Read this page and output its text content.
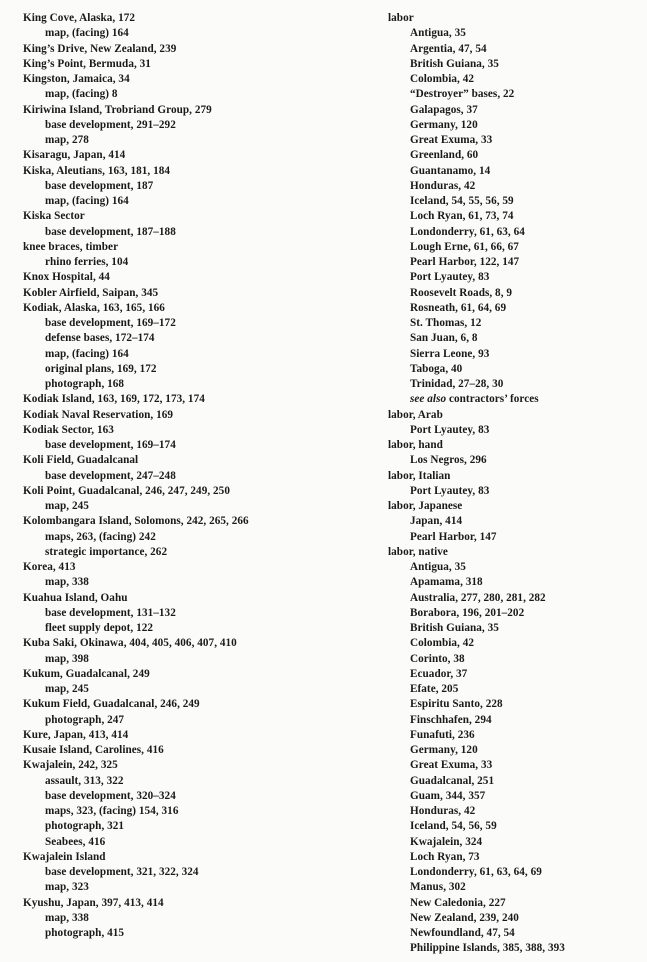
King Cove, Alaska, 172
map, (facing) 164
King’s Drive, New Zealand, 239
King’s Point, Bermuda, 31
Kingston, Jamaica, 34
map, (facing) 8
Kiriwina Island, Trobriand Group, 279
base development, 291–292
map, 278
Kisaragu, Japan, 414
Kiska, Aleutians, 163, 181, 184
base development, 187
map, (facing) 164
Kiska Sector
base development, 187–188
knee braces, timber
rhino ferries, 104
Knox Hospital, 44
Kobler Airfield, Saipan, 345
Kodiak, Alaska, 163, 165, 166
base development, 169–172
defense bases, 172–174
map, (facing) 164
original plans, 169, 172
photograph, 168
Kodiak Island, 163, 169, 172, 173, 174
Kodiak Naval Reservation, 169
Kodiak Sector, 163
base development, 169–174
Koli Field, Guadalcanal
base development, 247–248
Koli Point, Guadalcanal, 246, 247, 249, 250
map, 245
Kolombangara Island, Solomons, 242, 265, 266
maps, 263, (facing) 242
strategic importance, 262
Korea, 413
map, 338
Kuahua Island, Oahu
base development, 131–132
fleet supply depot, 122
Kuba Saki, Okinawa, 404, 405, 406, 407, 410
map, 398
Kukum, Guadalcanal, 249
map, 245
Kukum Field, Guadalcanal, 246, 249
photograph, 247
Kure, Japan, 413, 414
Kusaie Island, Carolines, 416
Kwajalein, 242, 325
assault, 313, 322
base development, 320–324
maps, 323, (facing) 154, 316
photograph, 321
Seabees, 416
Kwajalein Island
base development, 321, 322, 324
map, 323
Kyushu, Japan, 397, 413, 414
map, 338
photograph, 415
labor
Antigua, 35
Argentia, 47, 54
British Guiana, 35
Colombia, 42
“Destroyer” bases, 22
Galapagos, 37
Germany, 120
Great Exuma, 33
Greenland, 60
Guantanamo, 14
Honduras, 42
Iceland, 54, 55, 56, 59
Loch Ryan, 61, 73, 74
Londonderry, 61, 63, 64
Lough Erne, 61, 66, 67
Pearl Harbor, 122, 147
Port Lyautey, 83
Roosevelt Roads, 8, 9
Rosneath, 61, 64, 69
St. Thomas, 12
San Juan, 6, 8
Sierra Leone, 93
Taboga, 40
Trinidad, 27–28, 30
see also contractors’ forces
labor, Arab
Port Lyautey, 83
labor, hand
Los Negros, 296
labor, Italian
Port Lyautey, 83
labor, Japanese
Japan, 414
Pearl Harbor, 147
labor, native
Antigua, 35
Apamama, 318
Australia, 277, 280, 281, 282
Borabora, 196, 201–202
British Guiana, 35
Colombia, 42
Corinto, 38
Ecuador, 37
Efate, 205
Espiritu Santo, 228
Finschhafen, 294
Funafuti, 236
Germany, 120
Great Exuma, 33
Guadalcanal, 251
Guam, 344, 357
Honduras, 42
Iceland, 54, 56, 59
Kwajalein, 324
Loch Ryan, 73
Londonderry, 61, 63, 64, 69
Manus, 302
New Caledonia, 227
New Zealand, 239, 240
Newfoundland, 47, 54
Philippine Islands, 385, 388, 393
